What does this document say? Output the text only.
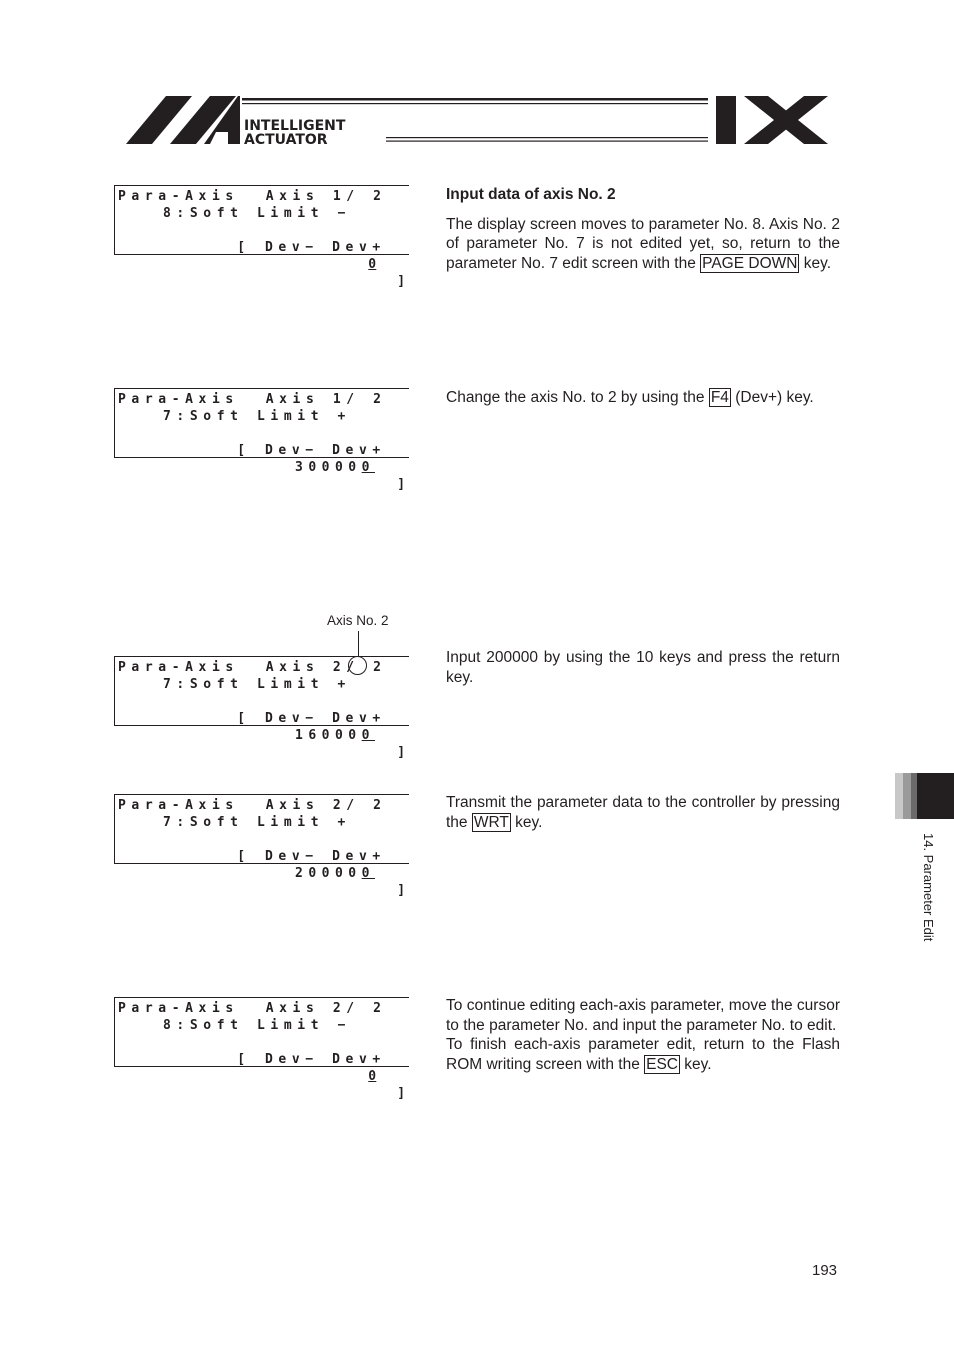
INTELLIGENT
ACTUATOR
Para-Axis  Axis 1/ 2
8:Soft Limit −

[

0

]

Dev− Dev+
Para-Axis  Axis 1/ 2
7:Soft Limit +

[

300000

]

Dev− Dev+
Axis No. 2
Para-Axis  Axis 2/ 2
7:Soft Limit +

[

160000

]

Dev− Dev+
Para-Axis  Axis 2/ 2
7:Soft Limit +

[

200000

]

Dev− Dev+
Para-Axis  Axis 2/ 2
8:Soft Limit −

[

0

]

Dev− Dev+

Input data of axis No. 2

The display screen moves to parameter No. 8. Axis No. 2 of parameter No. 7 is not edited yet, so, return to the parameter No. 7 edit screen with the PAGE DOWN key.

Change the axis No. to 2 by using the F4 (Dev+) key.

Input 200000 by using the 10 keys and press the return key.

Transmit the parameter data to the controller by pressing the WRT key.

To continue editing each-axis parameter, move the cursor to the parameter No. and input the parameter No. to edit.

To finish each-axis parameter edit, return to the Flash ROM writing screen with the ESC key.

14. Parameter Edit
193
